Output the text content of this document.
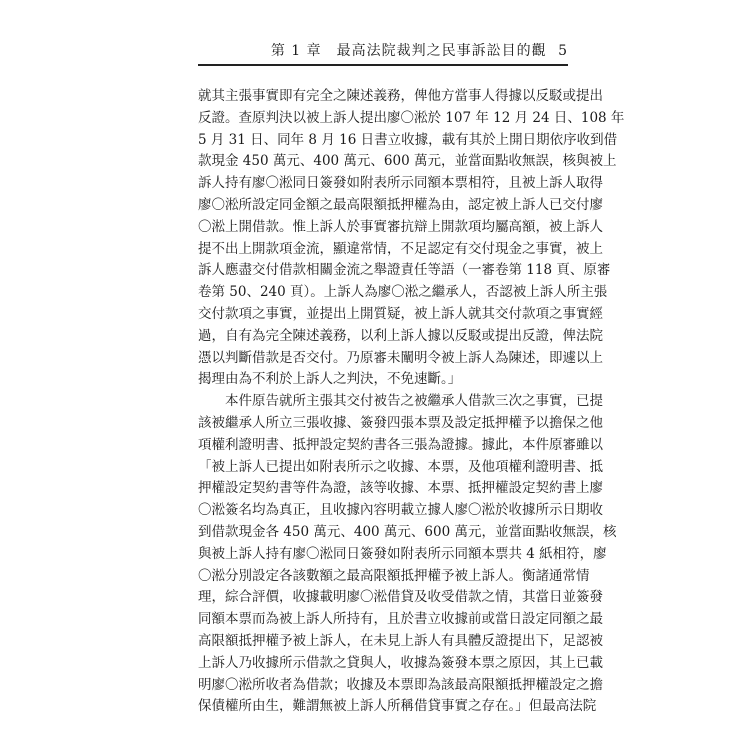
第 1 章　最高法院裁判之民事訴訟目的觀 5
就其主張事實即有完全之陳述義務，俾他方當事人得據以反駁或提出
反證。查原判決以被上訴人提出廖〇淞於 107 年 12 月 24 日、108 年
5 月 31 日、同年 8 月 16 日書立收據，載有其於上開日期依序收到借
款現金 450 萬元、400 萬元、600 萬元，並當面點收無誤，核與被上
訴人持有廖〇淞同日簽發如附表所示同額本票相符，且被上訴人取得
廖〇淞所設定同金額之最高限額抵押權為由，認定被上訴人已交付廖
〇淞上開借款。惟上訴人於事實審抗辯上開款項均屬高額，被上訴人
提不出上開款項金流，顯違常情，不足認定有交付現金之事實，被上
訴人應盡交付借款相關金流之舉證責任等語（一審卷第 118 頁、原審
卷第 50、240 頁）。上訴人為廖〇淞之繼承人，否認被上訴人所主張
交付款項之事實，並提出上開質疑，被上訴人就其交付款項之事實經
過，自有為完全陳述義務，以利上訴人據以反駁或提出反證，俾法院
憑以判斷借款是否交付。乃原審未闡明令被上訴人為陳述，即遽以上
揭理由為不利於上訴人之判決，不免速斷。」
本件原告就所主張其交付被告之被繼承人借款三次之事實，已提
該被繼承人所立三張收據、簽發四張本票及設定抵押權予以擔保之他
項權利證明書、抵押設定契約書各三張為證據。據此，本件原審雖以
「被上訴人已提出如附表所示之收據、本票，及他項權利證明書、抵
押權設定契約書等件為證，該等收據、本票、抵押權設定契約書上廖
〇淞簽名均為真正，且收據內容明載立據人廖〇淞於收據所示日期收
到借款現金各 450 萬元、400 萬元、600 萬元，並當面點收無誤，核
與被上訴人持有廖〇淞同日簽發如附表所示同額本票共 4 紙相符，廖
〇淞分別設定各該數額之最高限額抵押權予被上訴人。衡諸通常情
理，綜合評價，收據載明廖〇淞借貸及收受借款之情，其當日並簽發
同額本票而為被上訴人所持有，且於書立收據前或當日設定同額之最
高限額抵押權予被上訴人，在未見上訴人有具體反證提出下，足認被
上訴人乃收據所示借款之貸與人，收據為簽發本票之原因，其上已載
明廖〇淞所收者為借款；收據及本票即為該最高限額抵押權設定之擔
保債權所由生，難謂無被上訴人所稱借貸事實之存在。」但最高法院
